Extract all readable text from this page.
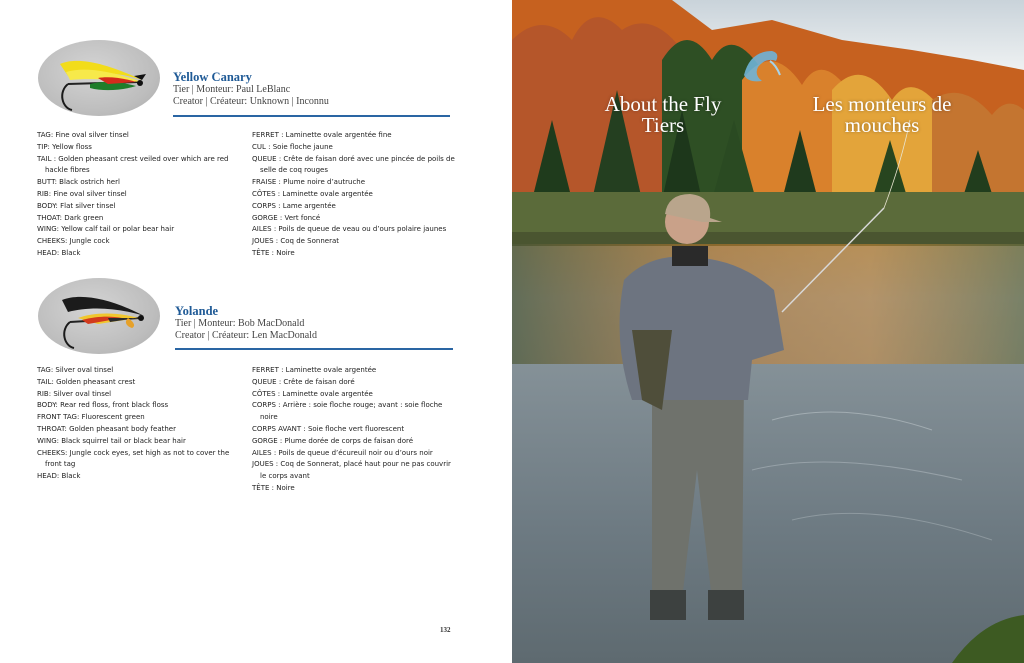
Yellow Canary
Tier | Monteur: Paul LeBlanc
Creator | Créateur: Unknown | Inconnu
TAG: Fine oval silver tinsel
TIP: Yellow floss
TAIL : Golden pheasant crest veiled over which are red hackle fibres
BUTT: Black ostrich herl
RIB: Fine oval silver tinsel
BODY: Flat silver tinsel
THOAT: Dark green
WING: Yellow calf tail or polar bear hair
CHEEKS: Jungle cock
HEAD: Black
FERRET : Laminette ovale argentée fine
CUL : Soie floche jaune
QUEUE : Crête de faisan doré avec une pincée de poils de selle de coq rouges
FRAISE : Plume noire d’autruche
CÔTES : Laminette ovale argentée
CORPS : Lame argentée
GORGE : Vert foncé
AILES : Poils de queue de veau ou d’ours polaire jaunes
JOUES : Coq de Sonnerat
TÊTE : Noire
Yolande
Tier | Monteur: Bob MacDonald
Creator | Créateur: Len MacDonald
TAG: Silver oval tinsel
TAIL: Golden pheasant crest
RIB: Silver oval tinsel
BODY: Rear red floss, front black floss
FRONT TAG: Fluorescent green
THROAT: Golden pheasant body feather
WING: Black squirrel tail or black bear hair
CHEEKS: Jungle cock eyes, set high as not to cover the front tag
HEAD: Black
FERRET : Laminette ovale argentée
QUEUE : Crête de faisan doré
CÔTES : Laminette ovale argentée
CORPS : Arrière : soie floche rouge; avant : soie floche noire
CORPS AVANT : Soie floche vert fluorescent
GORGE : Plume dorée de corps de faisan doré
AILES : Poils de queue d’écureuil noir ou d’ours noir
JOUES : Coq de Sonnerat, placé haut pour ne pas couvrir le corps avant
TÊTE : Noire
132
About the Fly Tiers
Les monteurs de mouches
